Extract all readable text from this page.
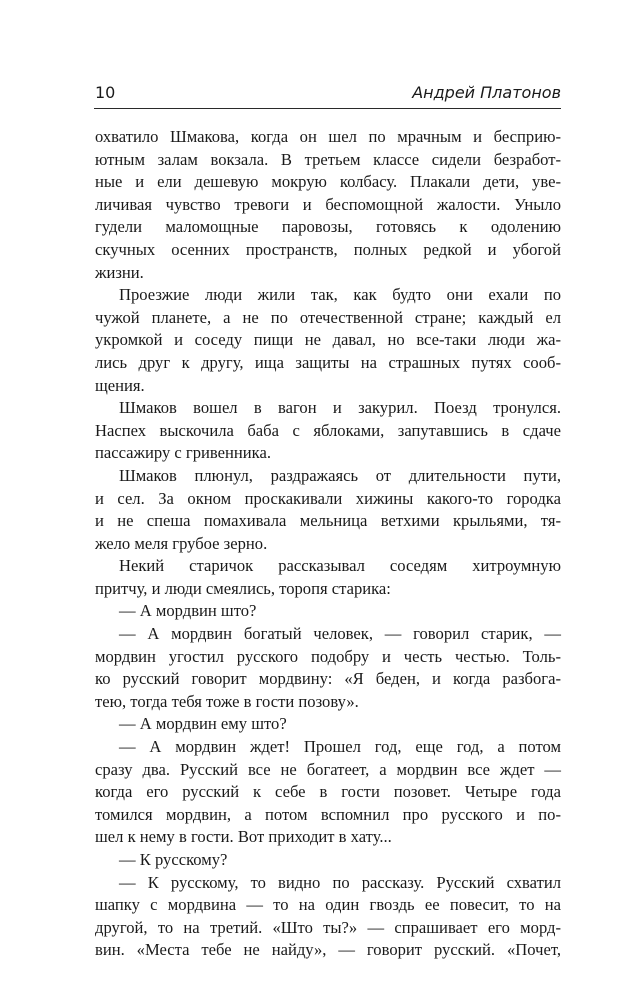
10	Андрей Платонов
охватило Шмакова, когда он шел по мрачным и бесприю-
ютным залам вокзала. В третьем классе сидели безработ-
ные и ели дешевую мокрую колбасу. Плакали дети, уве-
личивая чувство тревоги и беспомощной жалости. Уныло
гудели маломощные паровозы, готовясь к одолению
скучных осенних пространств, полных редкой и убогой
жизни.
Проезжие люди жили так, как будто они ехали по
чужой планете, а не по отечественной стране; каждый ел
укромкой и соседу пищи не давал, но все-таки люди жа-
лись друг к другу, ища защиты на страшных путях сооб-
щения.
Шмаков вошел в вагон и закурил. Поезд тронулся.
Наспех выскочила баба с яблоками, запутавшись в сдаче
пассажиру с гривенника.
Шмаков плюнул, раздражаясь от длительности пути,
и сел. За окном проскакивали хижины какого-то городка
и не спеша помахивала мельница ветхими крыльями, тя-
жело меля грубое зерно.
Некий старичок рассказывал соседям хитроумную
притчу, и люди смеялись, торопя старика:
— А мордвин што?
— А мордвин богатый человек, — говорил старик, —
мордвин угостил русского подобру и честь честью. Толь-
ко русский говорит мордвину: «Я беден, и когда разбога-
тею, тогда тебя тоже в гости позову».
— А мордвин ему што?
— А мордвин ждет! Прошел год, еще год, а потом
сразу два. Русский все не богатеет, а мордвин все ждет —
когда его русский к себе в гости позовет. Четыре года
томился мордвин, а потом вспомнил про русского и по-
шел к нему в гости. Вот приходит в хату...
— К русскому?
— К русскому, то видно по рассказу. Русский схватил
шапку с мордвина — то на один гвоздь ее повесит, то на
другой, то на третий. «Што ты?» — спрашивает его морд-
вин. «Места тебе не найду», — говорит русский. «Почет,
